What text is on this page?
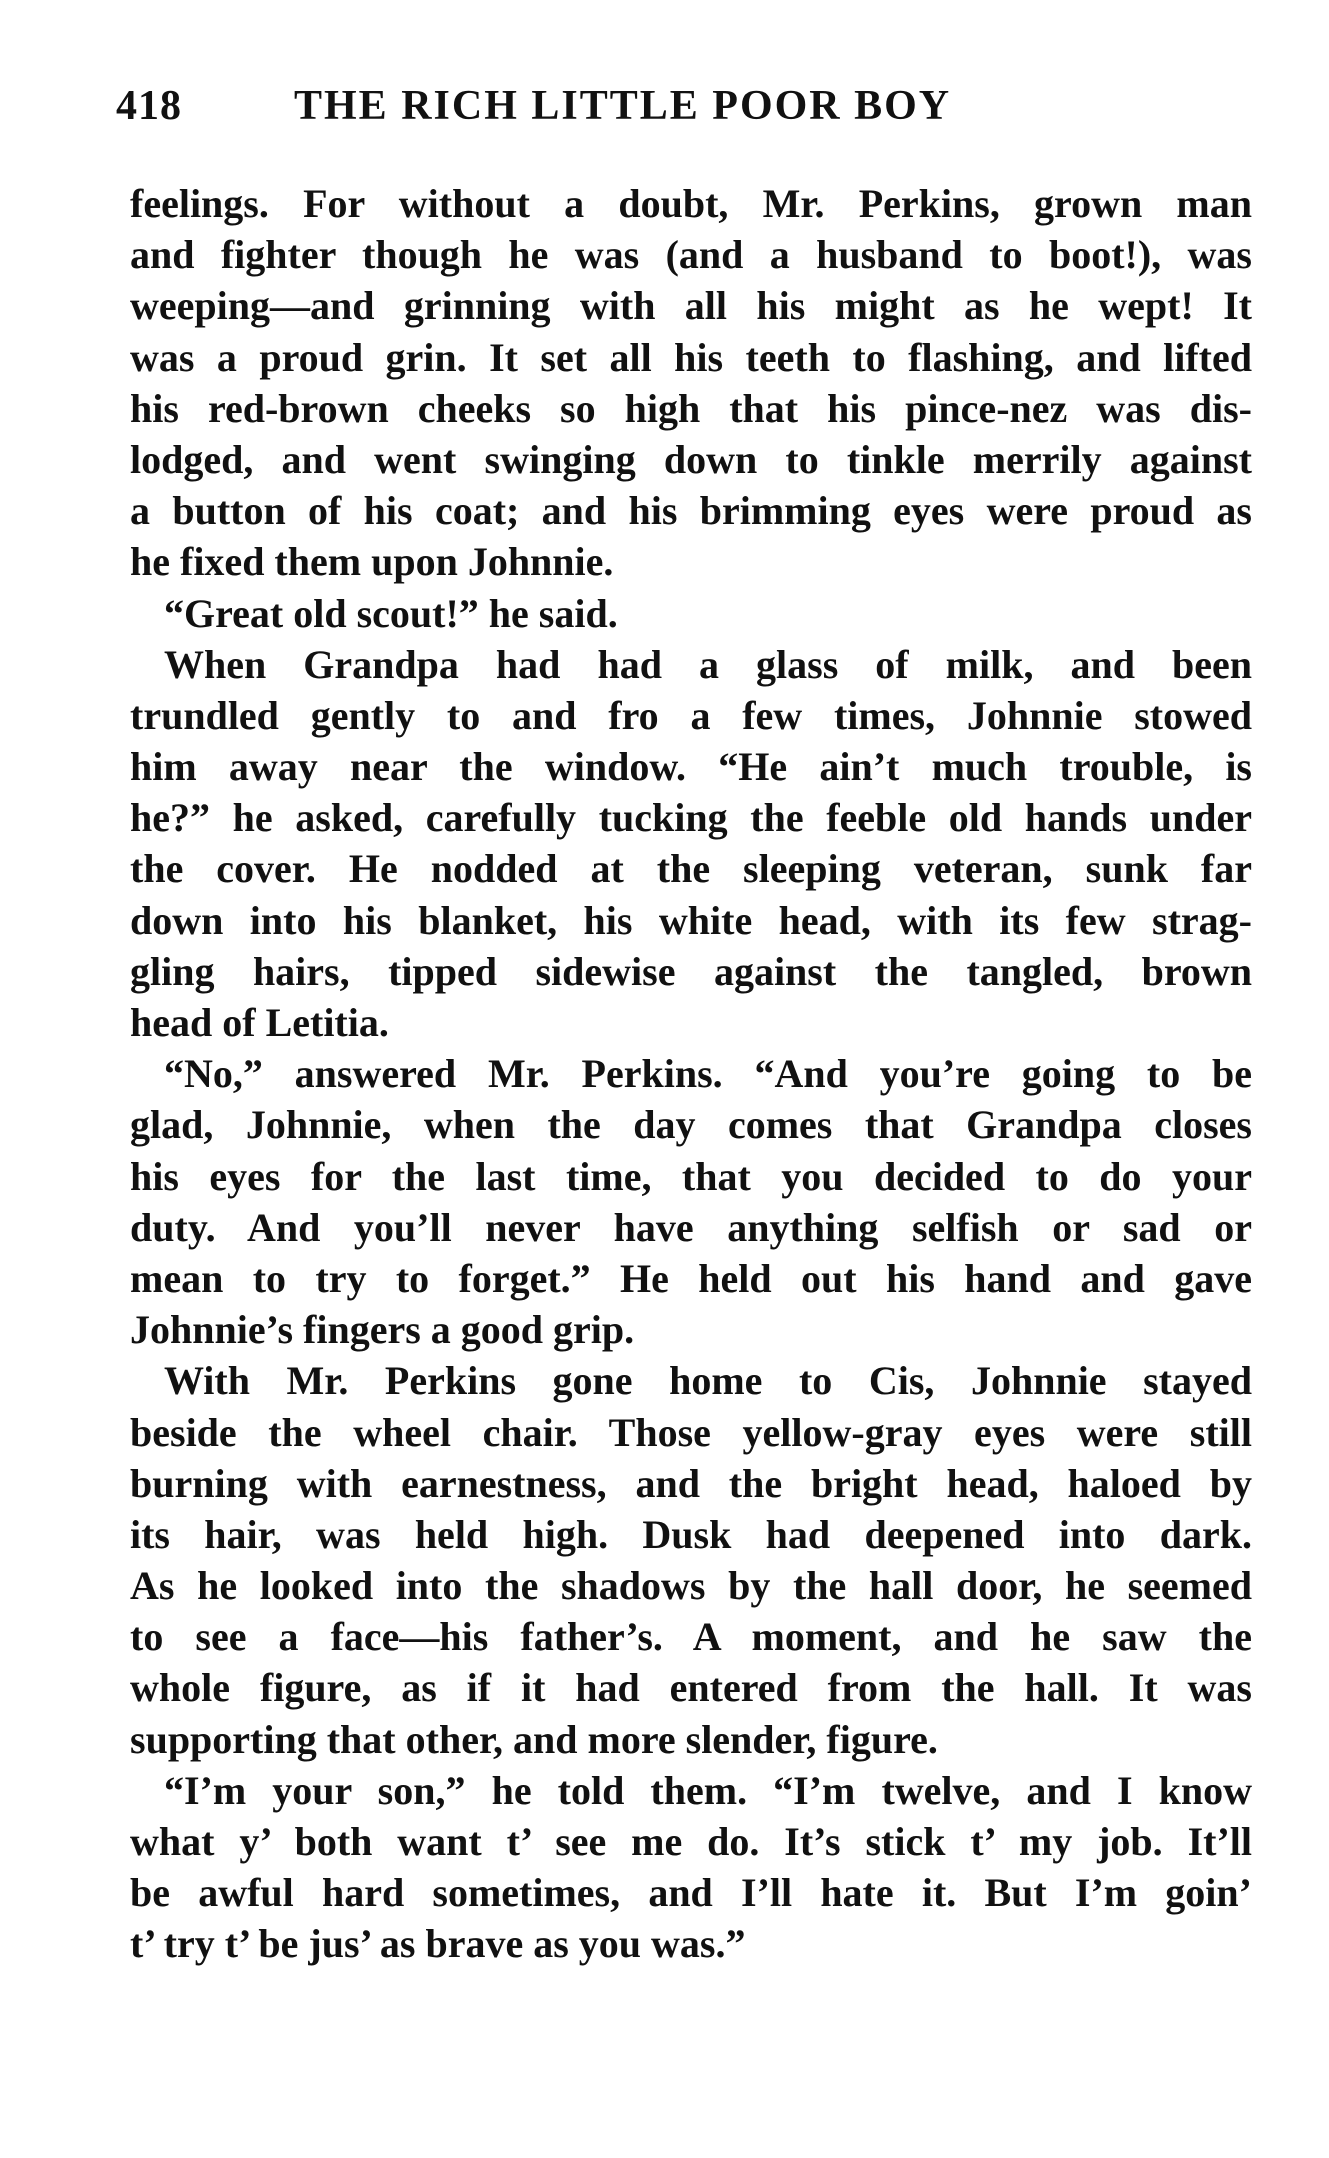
418	THE RICH LITTLE POOR BOY
feelings. For without a doubt, Mr. Perkins, grown man
and fighter though he was (and a husband to boot!), was
weeping—and grinning with all his might as he wept! It
was a proud grin. It set all his teeth to flashing, and lifted
his red-brown cheeks so high that his pince-nez was dis-
lodged, and went swinging down to tinkle merrily against
a button of his coat; and his brimming eyes were proud as
he fixed them upon Johnnie.
“Great old scout!” he said.
When Grandpa had had a glass of milk, and been
trundled gently to and fro a few times, Johnnie stowed
him away near the window. “He ain’t much trouble, is
he?” he asked, carefully tucking the feeble old hands under
the cover. He nodded at the sleeping veteran, sunk far
down into his blanket, his white head, with its few strag-
gling hairs, tipped sidewise against the tangled, brown
head of Letitia.
“No,” answered Mr. Perkins. “And you’re going to be
glad, Johnnie, when the day comes that Grandpa closes
his eyes for the last time, that you decided to do your
duty. And you’ll never have anything selfish or sad or
mean to try to forget.” He held out his hand and gave
Johnnie’s fingers a good grip.
With Mr. Perkins gone home to Cis, Johnnie stayed
beside the wheel chair. Those yellow-gray eyes were still
burning with earnestness, and the bright head, haloed by
its hair, was held high. Dusk had deepened into dark.
As he looked into the shadows by the hall door, he seemed
to see a face—his father’s. A moment, and he saw the
whole figure, as if it had entered from the hall. It was
supporting that other, and more slender, figure.
“I’m your son,” he told them. “I’m twelve, and I know
what y’ both want t’ see me do. It’s stick t’ my job. It’ll
be awful hard sometimes, and I’ll hate it. But I’m goin’
t’ try t’ be jus’ as brave as you was.”
